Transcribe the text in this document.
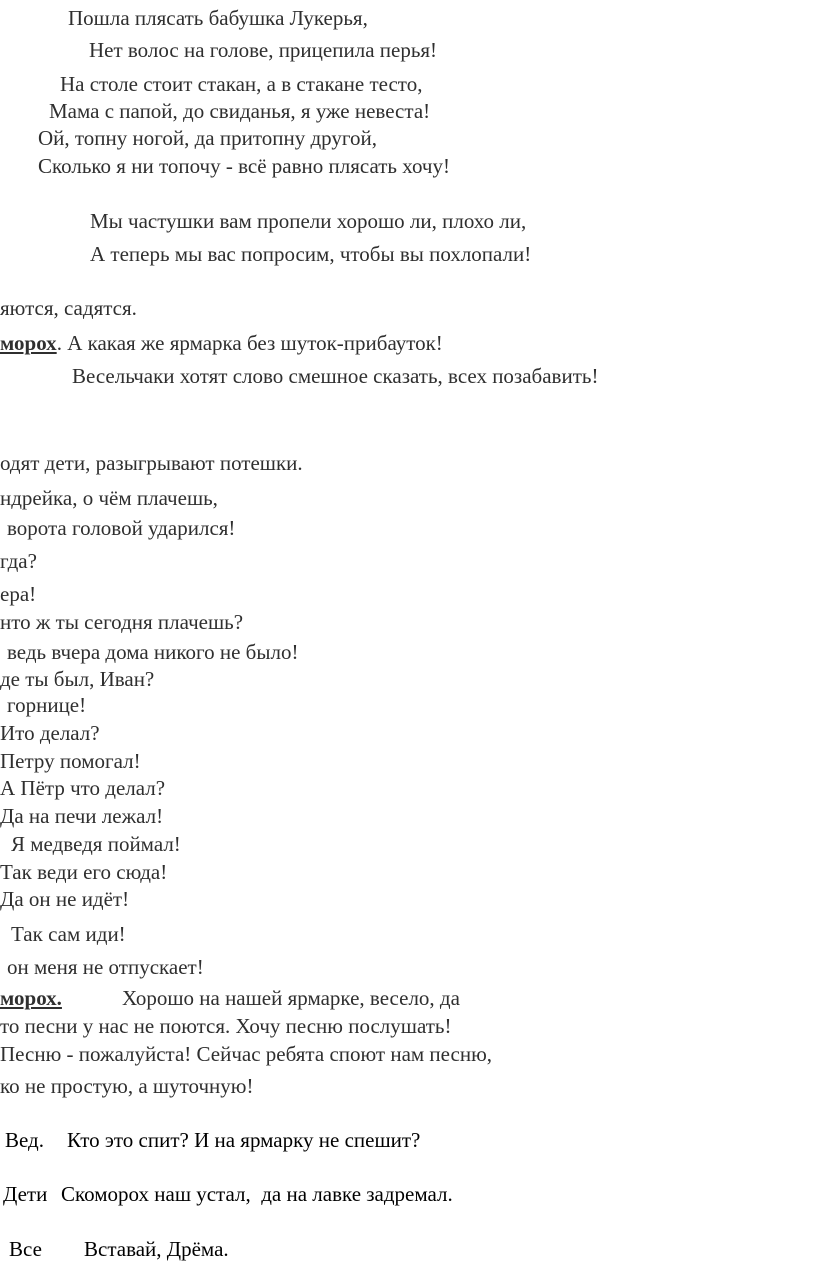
Пошла плясать бабушка Лукерья,
Нет волос на голове, прицепила перья!
На столе стоит стакан, а в стакане тесто,
Мама с папой, до свиданья, я уже невеста!
Ой, топну ногой, да притопну другой,
Сколько я ни топочу - всё равно плясать хочу!
Мы частушки вам пропели хорошо ли, плохо ли,
А теперь мы вас попросим, чтобы вы похлопали!
яются, садятся.
морох. А какая же ярмарка без шуток-прибауток!
Весельчаки хотят слово смешное сказать, всех позабавить!
одят дети, разыгрывают потешки.
ндрейка, о чём плачешь,
ворота головой ударился!
гда?
ера!
нто ж ты сегодня плачешь?
ведь вчера дома никого не было!
де ты был, Иван?
горнице!
Ито делал?
Петру помогал!
А Пётр что делал?
Да на печи лежал!
Я медведя поймал!
Так веди его сюда!
Да он не идёт!
Так сам иди!
он меня не отпускает!
морох.	Хорошо на нашей ярмарке, весело, да
то песни у нас не поются. Хочу песню послушать!
Песню - пожалуйста! Сейчас ребята споют нам песню,
ко не простую, а шуточную!
Вед. Кто это спит? И на ярмарку не спешит?
Дети Скоморох наш устал,  да на лавке задремал.
Все Вставай, Дрёма.
